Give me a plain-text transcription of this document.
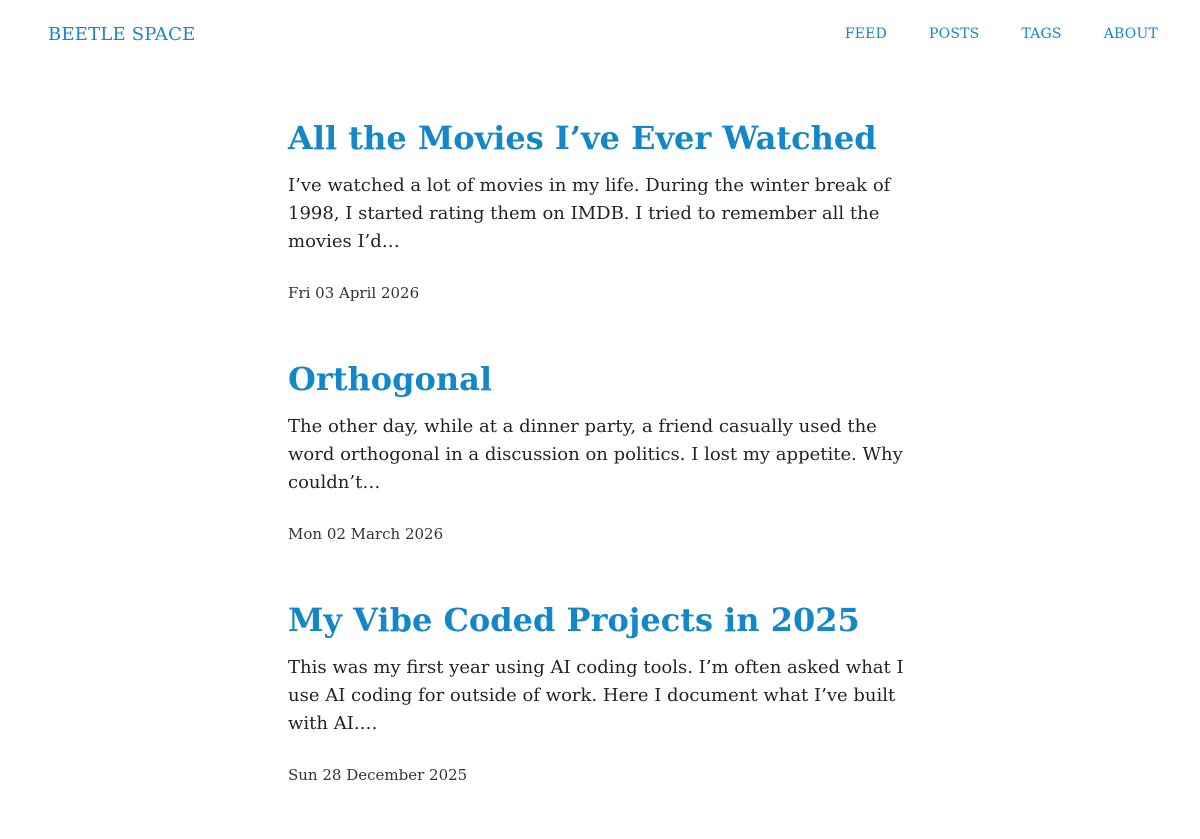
BEETLE SPACE	FEED	POSTS	TAGS	ABOUT
All the Movies I’ve Ever Watched

I’ve watched a lot of movies in my life. During the winter break of 1998, I started rating them on IMDB. I tried to remember all the movies I’d…

Fri 03 April 2026
Orthogonal

The other day, while at a dinner party, a friend casually used the word orthogonal in a discussion on politics. I lost my appetite. Why couldn’t…

Mon 02 March 2026
My Vibe Coded Projects in 2025

This was my first year using AI coding tools. I’m often asked what I use AI coding for outside of work. Here I document what I’ve built with AI.…

Sun 28 December 2025
